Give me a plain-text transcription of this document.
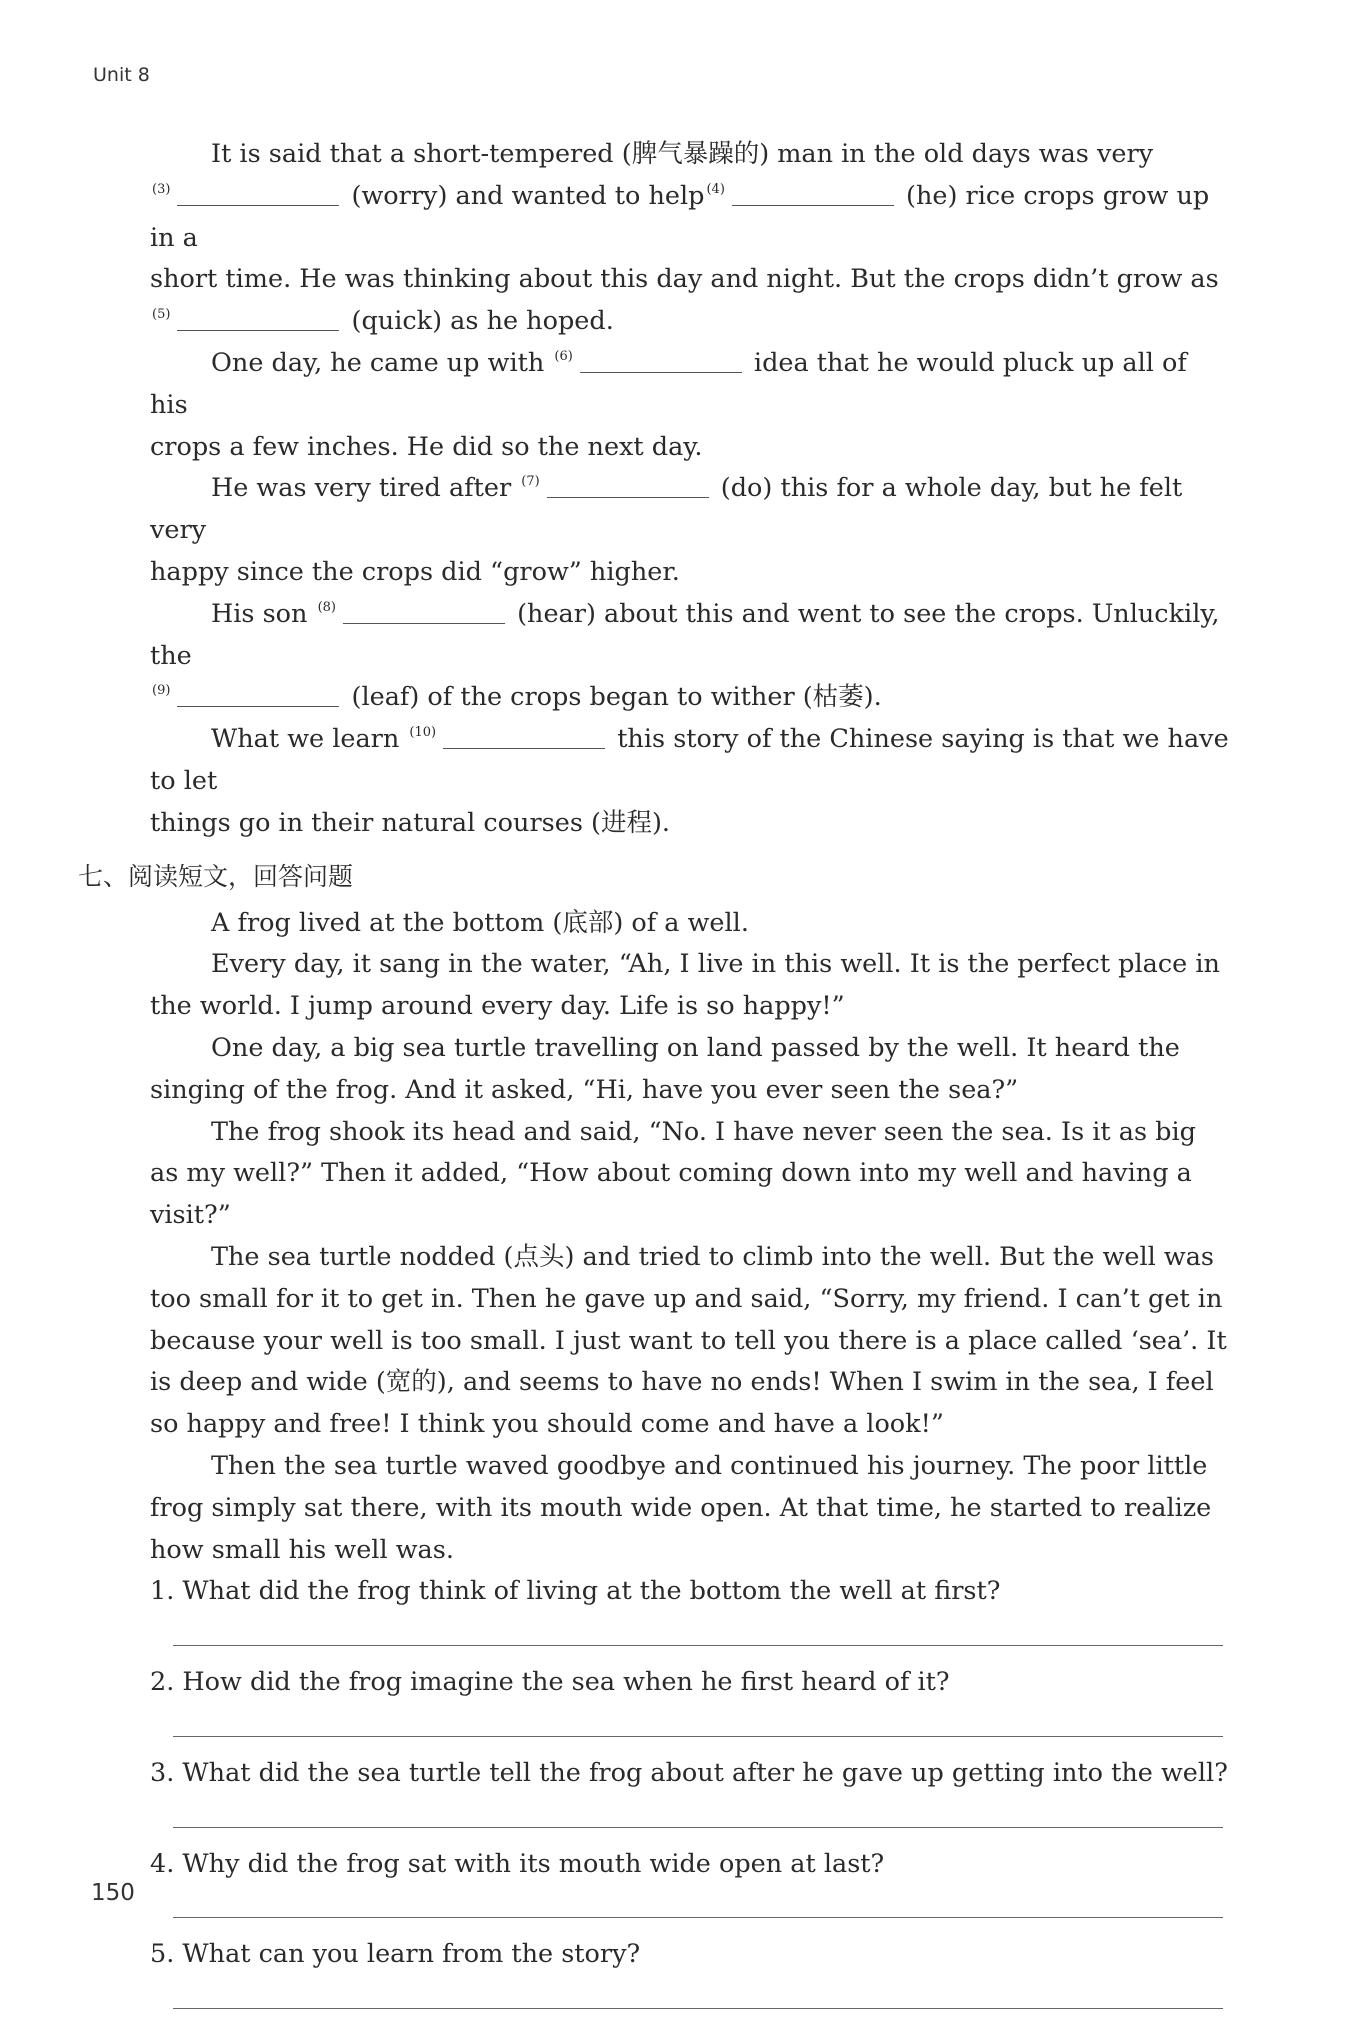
Unit 8

It is said that a short-tempered (脾气暴躁的) man in the old days was very

$^{(3)}$	(worry) and wanted to help $^{(4)}$	(he) rice crops grow up in a

short time. He was thinking about this day and night. But the crops didn’t grow as

$^{(5)}$	(quick) as he hoped.

One day, he came up with $^{(6)}$	idea that he would pluck up all of his

crops a few inches. He did so the next day.

He was very tired after $^{(7)}$	(do) this for a whole day, but he felt very

happy since the crops did “grow” higher.

His son $^{(8)}$	(hear) about this and went to see the crops. Unluckily, the

$^{(9)}$	(leaf) of the crops began to wither (枯萎).

What we learn $^{(10)}$	this story of the Chinese saying is that we have to let

things go in their natural courses (进程).

七、阅读短文，回答问题

A frog lived at the bottom (底部) of a well.

Every day, it sang in the water, “Ah, I live in this well. It is the perfect place in the world. I jump around every day. Life is so happy!”

One day, a big sea turtle travelling on land passed by the well. It heard the singing of the frog. And it asked, “Hi, have you ever seen the sea?”

The frog shook its head and said, “No. I have never seen the sea. Is it as big as my well?” Then it added, “How about coming down into my well and having a visit?”

The sea turtle nodded (点头) and tried to climb into the well. But the well was too small for it to get in. Then he gave up and said, “Sorry, my friend. I can’t get in because your well is too small. I just want to tell you there is a place called ‘sea’. It is deep and wide (宽的), and seems to have no ends! When I swim in the sea, I feel so happy and free! I think you should come and have a look!”

Then the sea turtle waved goodbye and continued his journey. The poor little frog simply sat there, with its mouth wide open. At that time, he started to realize how small his well was.

1. What did the frog think of living at the bottom the well at first?

2. How did the frog imagine the sea when he first heard of it?

3. What did the sea turtle tell the frog about after he gave up getting into the well?

4. Why did the frog sat with its mouth wide open at last?

5. What can you learn from the story?

150
